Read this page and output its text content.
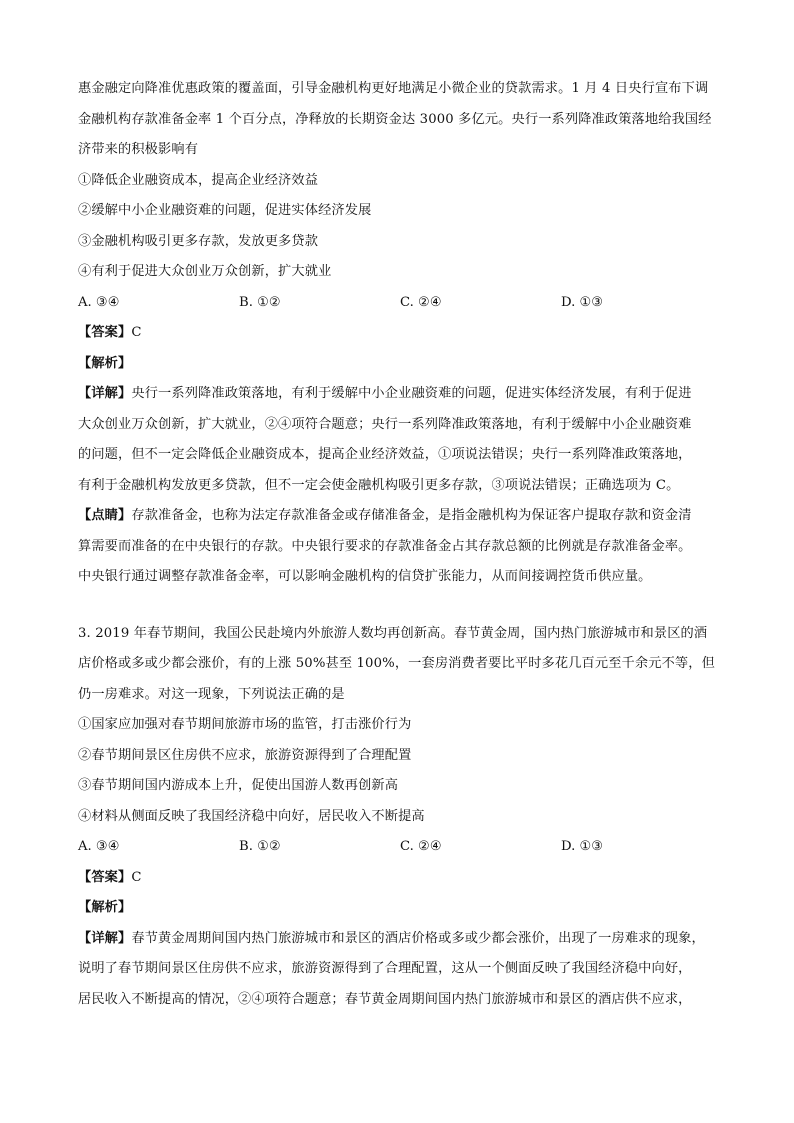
惠金融定向降准优惠政策的覆盖面，引导金融机构更好地满足小微企业的贷款需求。1 月 4 日央行宣布下调
金融机构存款准备金率 1 个百分点，净释放的长期资金达 3000 多亿元。央行一系列降准政策落地给我国经
济带来的积极影响有
①降低企业融资成本，提高企业经济效益
②缓解中小企业融资难的问题，促进实体经济发展
③金融机构吸引更多存款，发放更多贷款
④有利于促进大众创业万众创新，扩大就业
A. ③④	B. ①②	C. ②④	D. ①③
【答案】C
【解析】
【详解】央行一系列降准政策落地，有利于缓解中小企业融资难的问题，促进实体经济发展，有利于促进
大众创业万众创新，扩大就业，②④项符合题意；央行一系列降准政策落地，有利于缓解中小企业融资难
的问题，但不一定会降低企业融资成本，提高企业经济效益，①项说法错误；央行一系列降准政策落地，
有利于金融机构发放更多贷款，但不一定会使金融机构吸引更多存款，③项说法错误；正确选项为 C。
【点睛】存款准备金，也称为法定存款准备金或存储准备金，是指金融机构为保证客户提取存款和资金清
算需要而准备的在中央银行的存款。中央银行要求的存款准备金占其存款总额的比例就是存款准备金率。
中央银行通过调整存款准备金率，可以影响金融机构的信贷扩张能力，从而间接调控货币供应量。
3. 2019 年春节期间，我国公民赴境内外旅游人数均再创新高。春节黄金周，国内热门旅游城市和景区的酒
店价格或多或少都会涨价，有的上涨 50%甚至 100%，一套房消费者要比平时多花几百元至千余元不等，但
仍一房难求。对这一现象，下列说法正确的是
①国家应加强对春节期间旅游市场的监管，打击涨价行为
②春节期间景区住房供不应求，旅游资源得到了合理配置
③春节期间国内游成本上升，促使出国游人数再创新高
④材料从侧面反映了我国经济稳中向好，居民收入不断提高
A. ③④	B. ①②	C. ②④	D. ①③
【答案】C
【解析】
【详解】春节黄金周期间国内热门旅游城市和景区的酒店价格或多或少都会涨价，出现了一房难求的现象，
说明了春节期间景区住房供不应求，旅游资源得到了合理配置，这从一个侧面反映了我国经济稳中向好，
居民收入不断提高的情况，②④项符合题意；春节黄金周期间国内热门旅游城市和景区的酒店供不应求，
